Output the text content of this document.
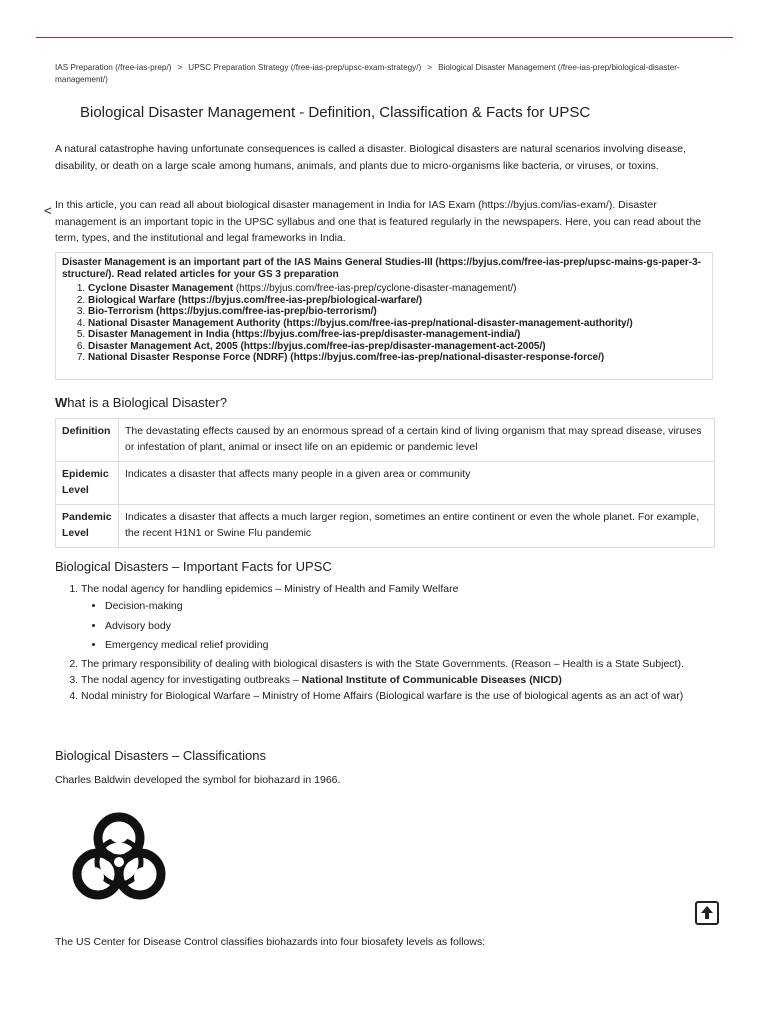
IAS Preparation (/free-ias-prep/) > UPSC Preparation Strategy (/free-ias-prep/upsc-exam-strategy/) > Biological Disaster Management (/free-ias-prep/biological-disaster-management/)
Biological Disaster Management - Definition, Classification & Facts for UPSC

A natural catastrophe having unfortunate consequences is called a disaster. Biological disasters are natural scenarios involving disease, disability, or death on a large scale among humans, animals, and plants due to micro-organisms like bacteria, or viruses, or toxins.

< In this article, you can read all about biological disaster management in India for IAS Exam (https://byjus.com/ias-exam/). Disaster management is an important topic in the UPSC syllabus and one that is featured regularly in the newspapers. Here, you can read about the term, types, and the institutional and legal frameworks in India.

Disaster Management is an important part of the IAS Mains General Studies-III (https://byjus.com/free-ias-prep/upsc-mains-gs-paper-3-structure/). Read related articles for your GS 3 preparation

1. Cyclone Disaster Management (https://byjus.com/free-ias-prep/cyclone-disaster-management/)
2. Biological Warfare (https://byjus.com/free-ias-prep/biological-warfare/)
3. Bio-Terrorism (https://byjus.com/free-ias-prep/bio-terrorism/)
4. National Disaster Management Authority (https://byjus.com/free-ias-prep/national-disaster-management-authority/)
5. Disaster Management in India (https://byjus.com/free-ias-prep/disaster-management-india/)
6. Disaster Management Act, 2005 (https://byjus.com/free-ias-prep/disaster-management-act-2005/)
7. National Disaster Response Force (NDRF) (https://byjus.com/free-ias-prep/national-disaster-response-force/)
What is a Biological Disaster?
Definition	The devastating effects caused by an enormous spread of a certain kind of living organism that may spread disease, viruses or infestation of plant, animal or insect life on an epidemic or pandemic level
Epidemic Level	Indicates a disaster that affects many people in a given area or community
Pandemic Level	Indicates a disaster that affects a much larger region, sometimes an entire continent or even the whole planet. For example, the recent H1N1 or Swine Flu pandemic
Biological Disasters – Important Facts for UPSC
1. The nodal agency for handling epidemics – Ministry of Health and Family Welfare
• Decision-making
• Advisory body
• Emergency medical relief providing
2. The primary responsibility of dealing with biological disasters is with the State Governments. (Reason – Health is a State Subject).
3. The nodal agency for investigating outbreaks – National Institute of Communicable Diseases (NICD)
4. Nodal ministry for Biological Warfare – Ministry of Home Affairs (Biological warfare is the use of biological agents as an act of war)
Biological Disasters – Classifications

Charles Baldwin developed the symbol for biohazard in 1966.

The US Center for Disease Control classifies biohazards into four biosafety levels as follows:
